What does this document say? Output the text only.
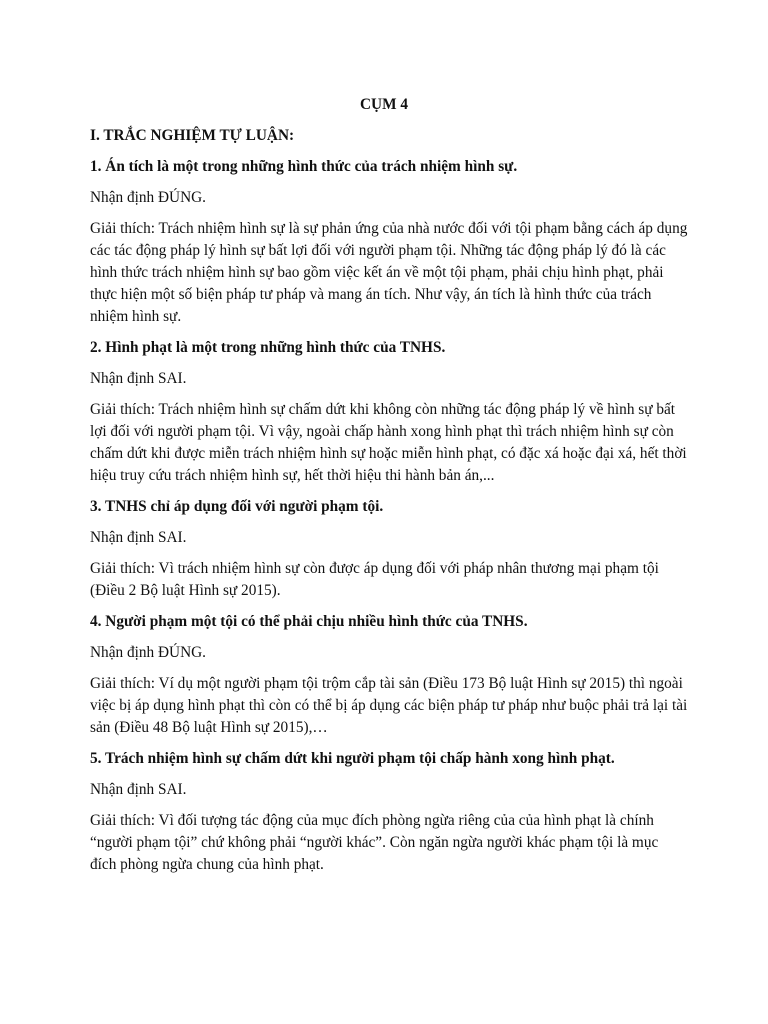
CỤM 4
I. TRẮC NGHIỆM TỰ LUẬN:
1. Án tích là một trong những hình thức của trách nhiệm hình sự.
Nhận định ĐÚNG.
Giải thích: Trách nhiệm hình sự là sự phản ứng của nhà nước đối với tội phạm bằng cách áp dụng các tác động pháp lý hình sự bất lợi đối với người phạm tội. Những tác động pháp lý đó là các hình thức trách nhiệm hình sự bao gồm việc kết án về một tội phạm, phải chịu hình phạt, phải thực hiện một số biện pháp tư pháp và mang án tích. Như vậy, án tích là hình thức của trách nhiệm hình sự.
2. Hình phạt là một trong những hình thức của TNHS.
Nhận định SAI.
Giải thích: Trách nhiệm hình sự chấm dứt khi không còn những tác động pháp lý về hình sự bất lợi đối với người phạm tội. Vì vậy, ngoài chấp hành xong hình phạt thì trách nhiệm hình sự còn chấm dứt khi được miễn trách nhiệm hình sự hoặc miễn hình phạt, có đặc xá hoặc đại xá, hết thời hiệu truy cứu trách nhiệm hình sự, hết thời hiệu thi hành bản án,...
3. TNHS chỉ áp dụng đối với người phạm tội.
Nhận định SAI.
Giải thích: Vì trách nhiệm hình sự còn được áp dụng đối với pháp nhân thương mại phạm tội (Điều 2 Bộ luật Hình sự 2015).
4. Người phạm một tội có thể phải chịu nhiều hình thức của TNHS.
Nhận định ĐÚNG.
Giải thích: Ví dụ một người phạm tội trộm cắp tài sản (Điều 173 Bộ luật Hình sự 2015) thì ngoài việc bị áp dụng hình phạt thì còn có thể bị áp dụng các biện pháp tư pháp như buộc phải trả lại tài sản (Điều 48 Bộ luật Hình sự 2015),…
5. Trách nhiệm hình sự chấm dứt khi người phạm tội chấp hành xong hình phạt.
Nhận định SAI.
Giải thích: Vì đối tượng tác động của mục đích phòng ngừa riêng của của hình phạt là chính “người phạm tội” chứ không phải “người khác”. Còn ngăn ngừa người khác phạm tội là mục đích phòng ngừa chung của hình phạt.
